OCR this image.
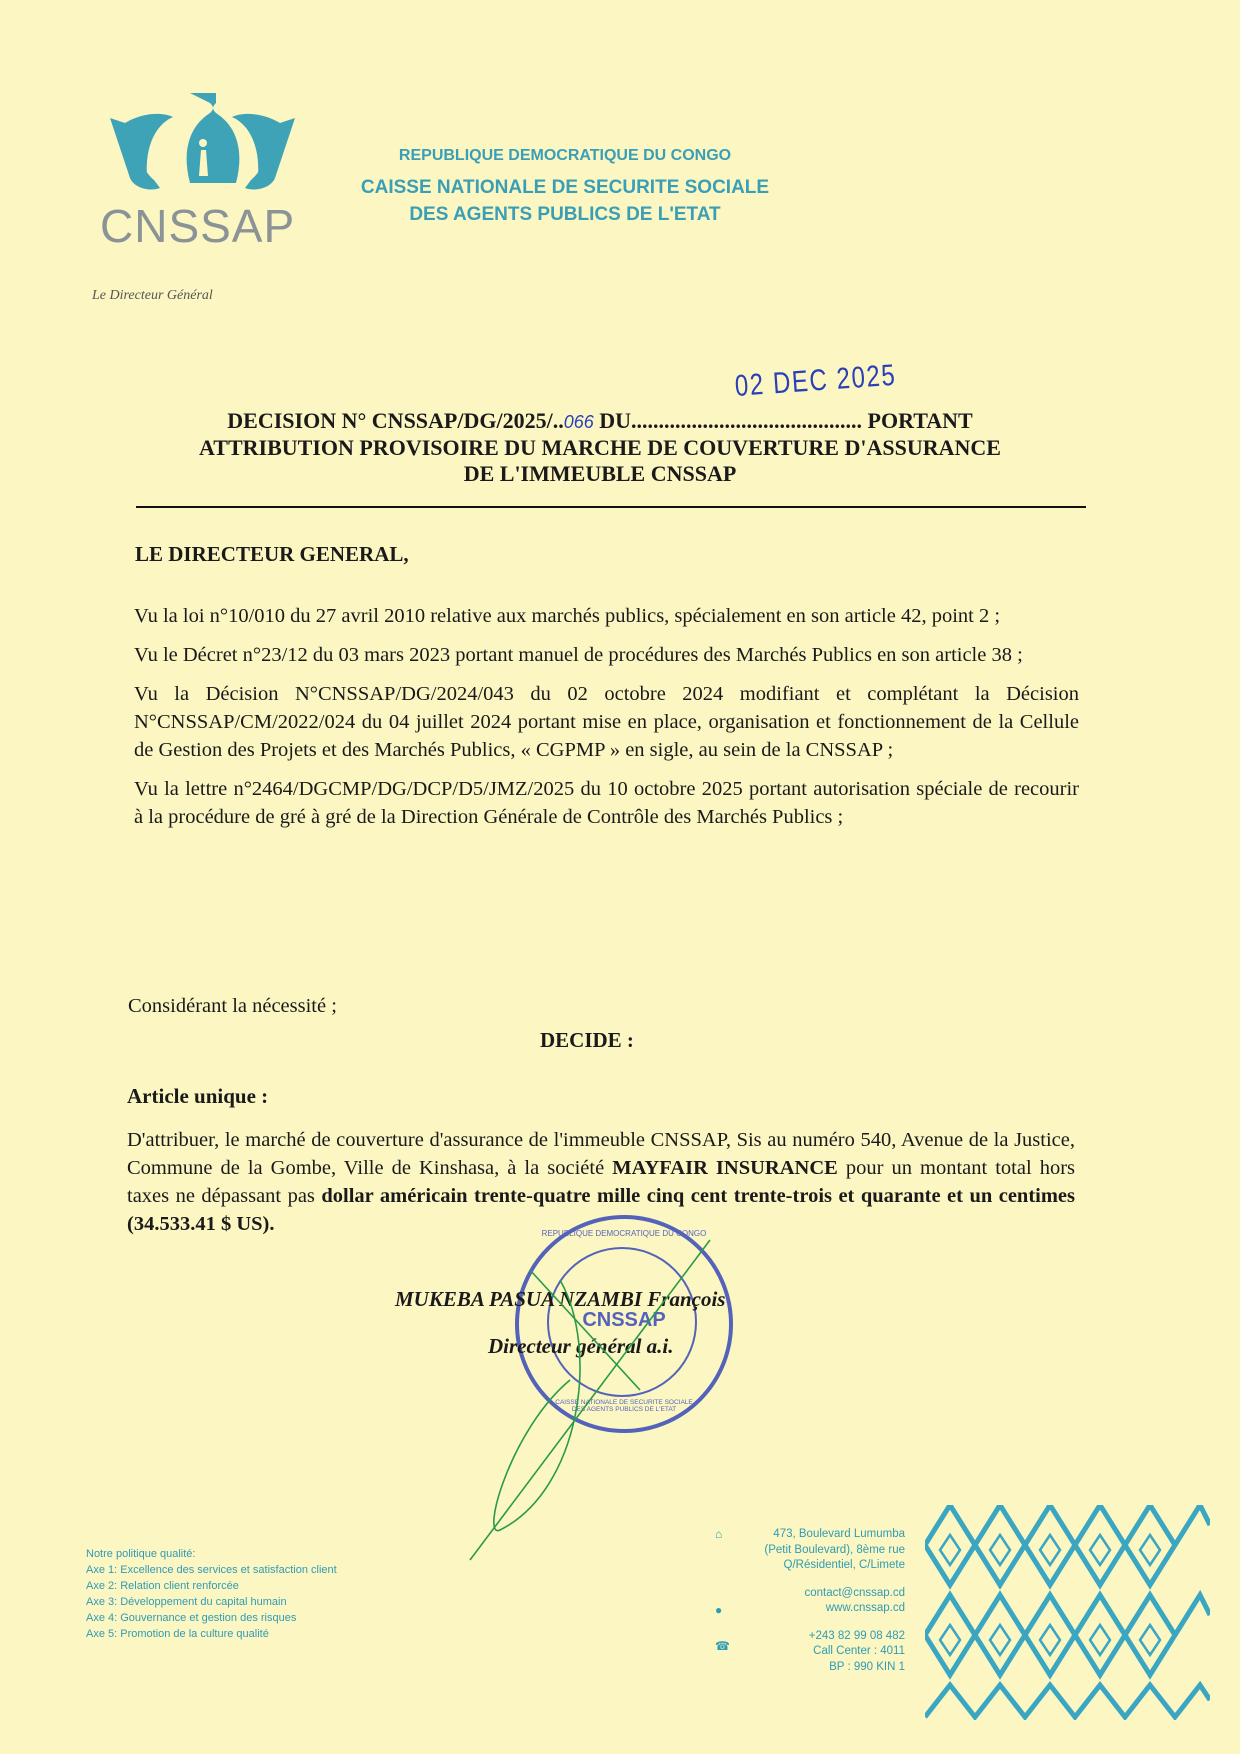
CNSSAP
REPUBLIQUE DEMOCRATIQUE DU CONGO
CAISSE NATIONALE DE SECURITE SOCIALE
DES AGENTS PUBLICS DE L'ETAT
Le Directeur Général
02 DEC 2025
DECISION N° CNSSAP/DG/2025/..066 DU.......................................... PORTANT
ATTRIBUTION PROVISOIRE DU MARCHE DE COUVERTURE D'ASSURANCE
DE L'IMMEUBLE CNSSAP
LE DIRECTEUR GENERAL,

Vu la loi n°10/010 du 27 avril 2010 relative aux marchés publics, spécialement en son article 42, point 2 ;

Vu le Décret n°23/12 du 03 mars 2023 portant manuel de procédures des Marchés Publics en son article 38 ;

Vu la Décision N°CNSSAP/DG/2024/043 du 02 octobre 2024 modifiant et complétant la Décision N°CNSSAP/CM/2022/024 du 04 juillet 2024 portant mise en place, organisation et fonctionnement de la Cellule de Gestion des Projets et des Marchés Publics, « CGPMP » en sigle, au sein de la CNSSAP ;

Vu la lettre n°2464/DGCMP/DG/DCP/D5/JMZ/2025 du 10 octobre 2025 portant autorisation spéciale de recourir à la procédure de gré à gré de la Direction Générale de Contrôle des Marchés Publics ;

Considérant la nécessité ;
DECIDE :
Article unique :
D'attribuer, le marché de couverture d'assurance de l'immeuble CNSSAP, Sis au numéro 540, Avenue de la Justice, Commune de la Gombe, Ville de Kinshasa, à la société MAYFAIR INSURANCE pour un montant total hors taxes ne dépassant pas dollar américain trente-quatre mille cinq cent trente-trois et quarante et un centimes (34.533.41 $ US).
CNSSAP
REPUBLIQUE DEMOCRATIQUE DU CONGO
CAISSE NATIONALE DE SECURITE SOCIALE DES AGENTS PUBLICS DE L'ETAT
MUKEBA PASUA NZAMBI François
Directeur général a.i.
Notre politique qualité:
Axe 1: Excellence des services et satisfaction client
Axe 2: Relation client renforcée
Axe 3: Développement du capital humain
Axe 4: Gouvernance et gestion des risques
Axe 5: Promotion de la culture qualité
⌂	473, Boulevard Lumumba
(Petit Boulevard), 8ème rue
Q/Résidentiel, C/Limete
●
contact@cnssap.cd
www.cnssap.cd
☎
+243 82 99 08 482
Call Center : 4011
BP : 990 KIN 1
